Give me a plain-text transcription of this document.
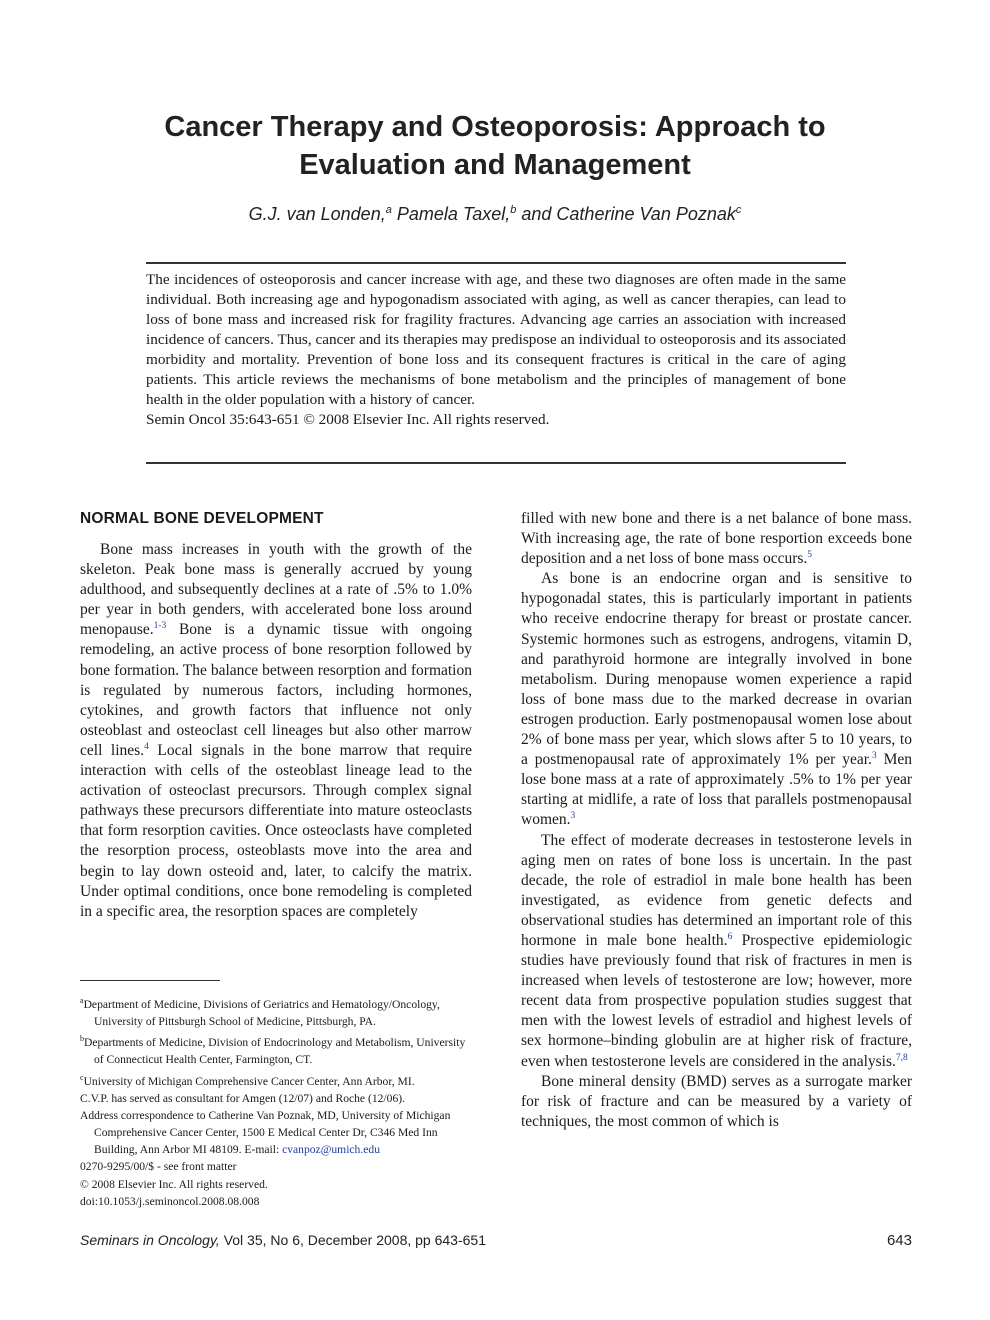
Cancer Therapy and Osteoporosis: Approach to Evaluation and Management
G.J. van Londen,$^a$ Pamela Taxel,$^b$ and Catherine Van Poznak$^c$
The incidences of osteoporosis and cancer increase with age, and these two diagnoses are often made in the same individual. Both increasing age and hypogonadism associated with aging, as well as cancer therapies, can lead to loss of bone mass and increased risk for fragility fractures. Advancing age carries an association with increased incidence of cancers. Thus, cancer and its therapies may predispose an individual to osteoporosis and its associated morbidity and mortality. Prevention of bone loss and its consequent fractures is critical in the care of aging patients. This article reviews the mechanisms of bone metabolism and the principles of management of bone health in the older population with a history of cancer.
Semin Oncol 35:643-651 © 2008 Elsevier Inc. All rights reserved.
NORMAL BONE DEVELOPMENT

Bone mass increases in youth with the growth of the skeleton. Peak bone mass is generally accrued by young adulthood, and subsequently declines at a rate of .5% to 1.0% per year in both genders, with accelerated bone loss around menopause.$^{1-3}$ Bone is a dynamic tissue with ongoing remodeling, an active process of bone resorption followed by bone formation. The balance between resorption and formation is regulated by numerous factors, including hormones, cytokines, and growth factors that influence not only osteoblast and osteoclast cell lineages but also other marrow cell lines.$^4$ Local signals in the bone marrow that require interaction with cells of the osteoblast lineage lead to the activation of osteoclast precursors. Through complex signal pathways these precursors differentiate into mature osteoclasts that form resorption cavities. Once osteoclasts have completed the resorption process, osteoblasts move into the area and begin to lay down osteoid and, later, to calcify the matrix. Under optimal conditions, once bone remodeling is completed in a specific area, the resorption spaces are completely

$^a$Department of Medicine, Divisions of Geriatrics and Hematology/Oncology, University of Pittsburgh School of Medicine, Pittsburgh, PA.

$^b$Departments of Medicine, Division of Endocrinology and Metabolism, University of Connecticut Health Center, Farmington, CT.

$^c$University of Michigan Comprehensive Cancer Center, Ann Arbor, MI.

C.V.P. has served as consultant for Amgen (12/07) and Roche (12/06).

Address correspondence to Catherine Van Poznak, MD, University of Michigan Comprehensive Cancer Center, 1500 E Medical Center Dr, C346 Med Inn Building, Ann Arbor MI 48109. E-mail: cvanpoz@umich.edu

0270-9295/00/$ - see front matter

© 2008 Elsevier Inc. All rights reserved.

doi:10.1053/j.seminoncol.2008.08.008

filled with new bone and there is a net balance of bone mass. With increasing age, the rate of bone resportion exceeds bone deposition and a net loss of bone mass occurs.$^5$

As bone is an endocrine organ and is sensitive to hypogonadal states, this is particularly important in patients who receive endocrine therapy for breast or prostate cancer. Systemic hormones such as estrogens, androgens, vitamin D, and parathyroid hormone are integrally involved in bone metabolism. During menopause women experience a rapid loss of bone mass due to the marked decrease in ovarian estrogen production. Early postmenopausal women lose about 2% of bone mass per year, which slows after 5 to 10 years, to a postmenopausal rate of approximately 1% per year.$^3$ Men lose bone mass at a rate of approximately .5% to 1% per year starting at midlife, a rate of loss that parallels postmenopausal women.$^3$

The effect of moderate decreases in testosterone levels in aging men on rates of bone loss is uncertain. In the past decade, the role of estradiol in male bone health has been investigated, as evidence from genetic defects and observational studies has determined an important role of this hormone in male bone health.$^6$ Prospective epidemiologic studies have previously found that risk of fractures in men is increased when levels of testosterone are low; however, more recent data from prospective population studies suggest that men with the lowest levels of estradiol and highest levels of sex hormone–binding globulin are at higher risk of fracture, even when testosterone levels are considered in the analysis.$^{7,8}$

Bone mineral density (BMD) serves as a surrogate marker for risk of fracture and can be measured by a variety of techniques, the most common of which is

Seminars in Oncology, Vol 35, No 6, December 2008, pp 643-651	643
